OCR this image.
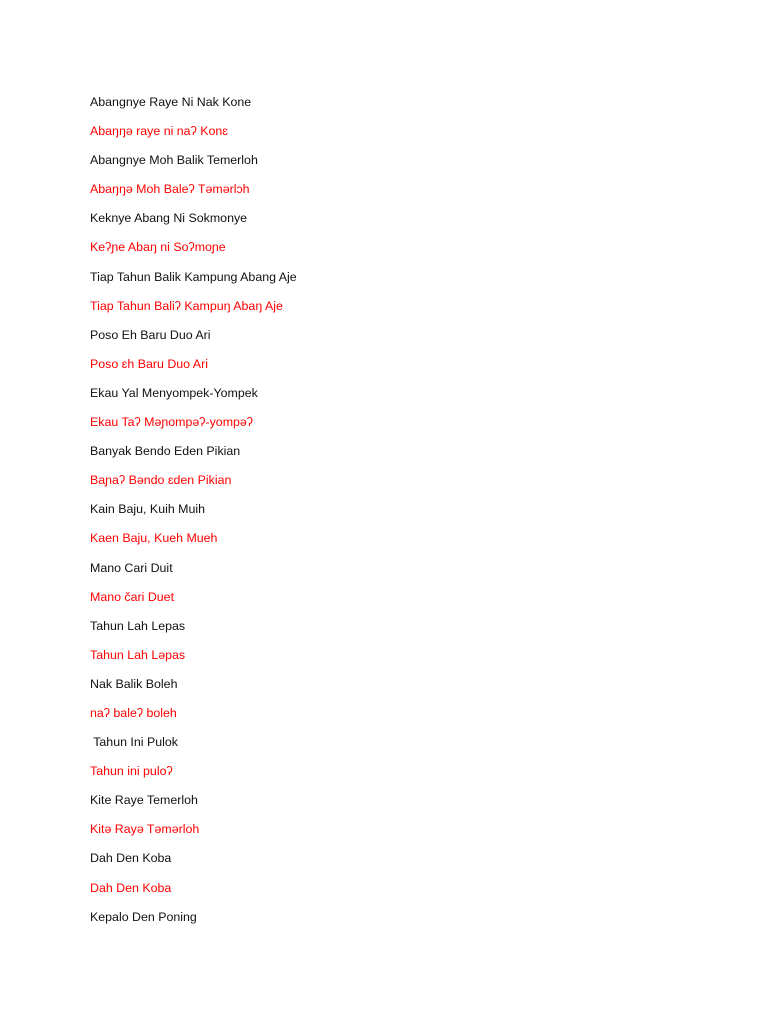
Abangnye Raye Ni Nak Kone
Abaŋŋə raye ni naʔ Konɛ
Abangnye Moh Balik Temerloh
Abaŋŋə Moh Baleʔ Təmərlɔh
Keknye Abang Ni Sokmonye
Keʔɲe Abaŋ ni Soʔmoɲe
Tiap Tahun Balik Kampung Abang Aje
Tiap Tahun Baliʔ Kampuŋ Abaŋ Aje
Poso Eh Baru Duo Ari
Poso ɛh Baru Duo Ari
Ekau Yal Menyompek-Yompek
Ekau Taʔ Məɲompəʔ-yompəʔ
Banyak Bendo Eden Pikian
Baɲaʔ Bəndo ɛden Pikian
Kain Baju, Kuih Muih
Kaen Baju, Kueh Mueh
Mano Cari Duit
Mano čari Duet
Tahun Lah Lepas
Tahun Lah Ləpas
Nak Balik Boleh
naʔ baleʔ boleh
Tahun Ini Pulok
Tahun ini puloʔ
Kite Raye Temerloh
Kitə Rayə Təmərloh
Dah Den Koba
Dah Den Koba
Kepalo Den Poning
